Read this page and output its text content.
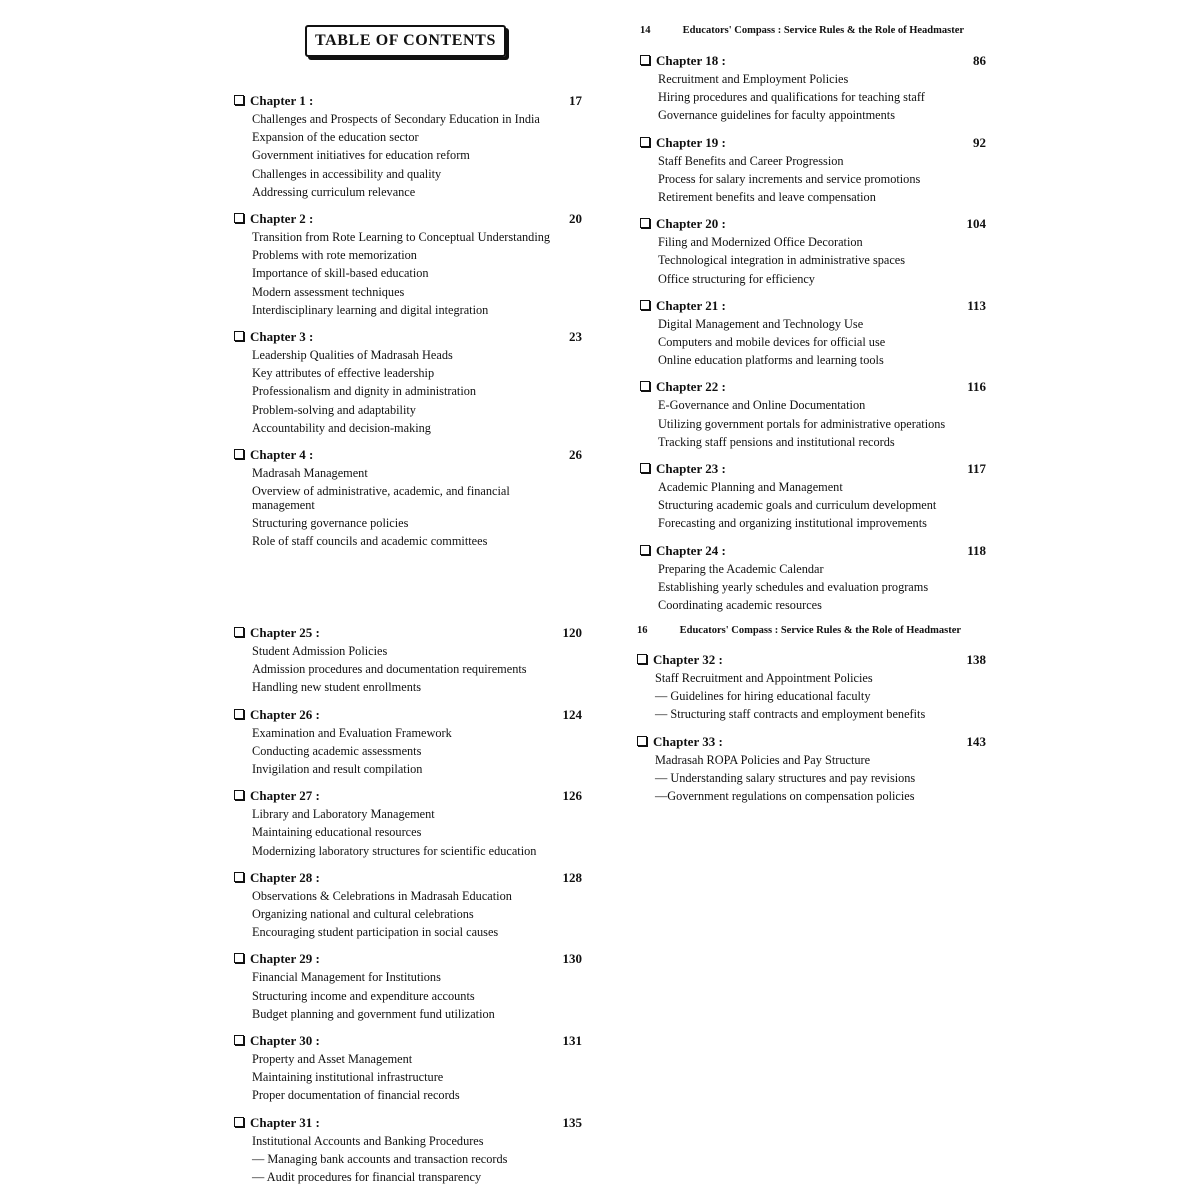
TABLE OF CONTENTS
14	Educators' Compass : Service Rules & the Role of Headmaster
16	Educators' Compass : Service Rules & the Role of Headmaster
Chapter 1 :	17
Challenges and Prospects of Secondary Education in India
Expansion of the education sector
Government initiatives for education reform
Challenges in accessibility and quality
Addressing curriculum relevance
Chapter 2 :	20
Transition from Rote Learning to Conceptual Understanding
Problems with rote memorization
Importance of skill-based education
Modern assessment techniques
Interdisciplinary learning and digital integration
Chapter 3 :	23
Leadership Qualities of Madrasah Heads
Key attributes of effective leadership
Professionalism and dignity in administration
Problem-solving and adaptability
Accountability and decision-making
Chapter 4 :	26
Madrasah Management
Overview of administrative, academic, and financial management
Structuring governance policies
Role of staff councils and academic committees
Chapter 18 :	86
Recruitment and Employment Policies
Hiring procedures and qualifications for teaching staff
Governance guidelines for faculty appointments
Chapter 19 :	92
Staff Benefits and Career Progression
Process for salary increments and service promotions
Retirement benefits and leave compensation
Chapter 20 :	104
Filing and Modernized Office Decoration
Technological integration in administrative spaces
Office structuring for efficiency
Chapter 21 :	113
Digital Management and Technology Use
Computers and mobile devices for official use
Online education platforms and learning tools
Chapter 22 :	116
E-Governance and Online Documentation
Utilizing government portals for administrative operations
Tracking staff pensions and institutional records
Chapter 23 :	117
Academic Planning and Management
Structuring academic goals and curriculum development
Forecasting and organizing institutional improvements
Chapter 24 :	118
Preparing the Academic Calendar
Establishing yearly schedules and evaluation programs
Coordinating academic resources
Chapter 25 :	120
Student Admission Policies
Admission procedures and documentation requirements
Handling new student enrollments
Chapter 26 :	124
Examination and Evaluation Framework
Conducting academic assessments
Invigilation and result compilation
Chapter 27 :	126
Library and Laboratory Management
Maintaining educational resources
Modernizing laboratory structures for scientific education
Chapter 28 :	128
Observations & Celebrations in Madrasah Education
Organizing national and cultural celebrations
Encouraging student participation in social causes
Chapter 29 :	130
Financial Management for Institutions
Structuring income and expenditure accounts
Budget planning and government fund utilization
Chapter 30 :	131
Property and Asset Management
Maintaining institutional infrastructure
Proper documentation of financial records
Chapter 31 :	135
Institutional Accounts and Banking Procedures
— Managing bank accounts and transaction records
— Audit procedures for financial transparency
Chapter 32 :	138
Staff Recruitment and Appointment Policies
— Guidelines for hiring educational faculty
— Structuring staff contracts and employment benefits
Chapter 33 :	143
Madrasah ROPA Policies and Pay Structure
— Understanding salary structures and pay revisions
—Government regulations on compensation policies
